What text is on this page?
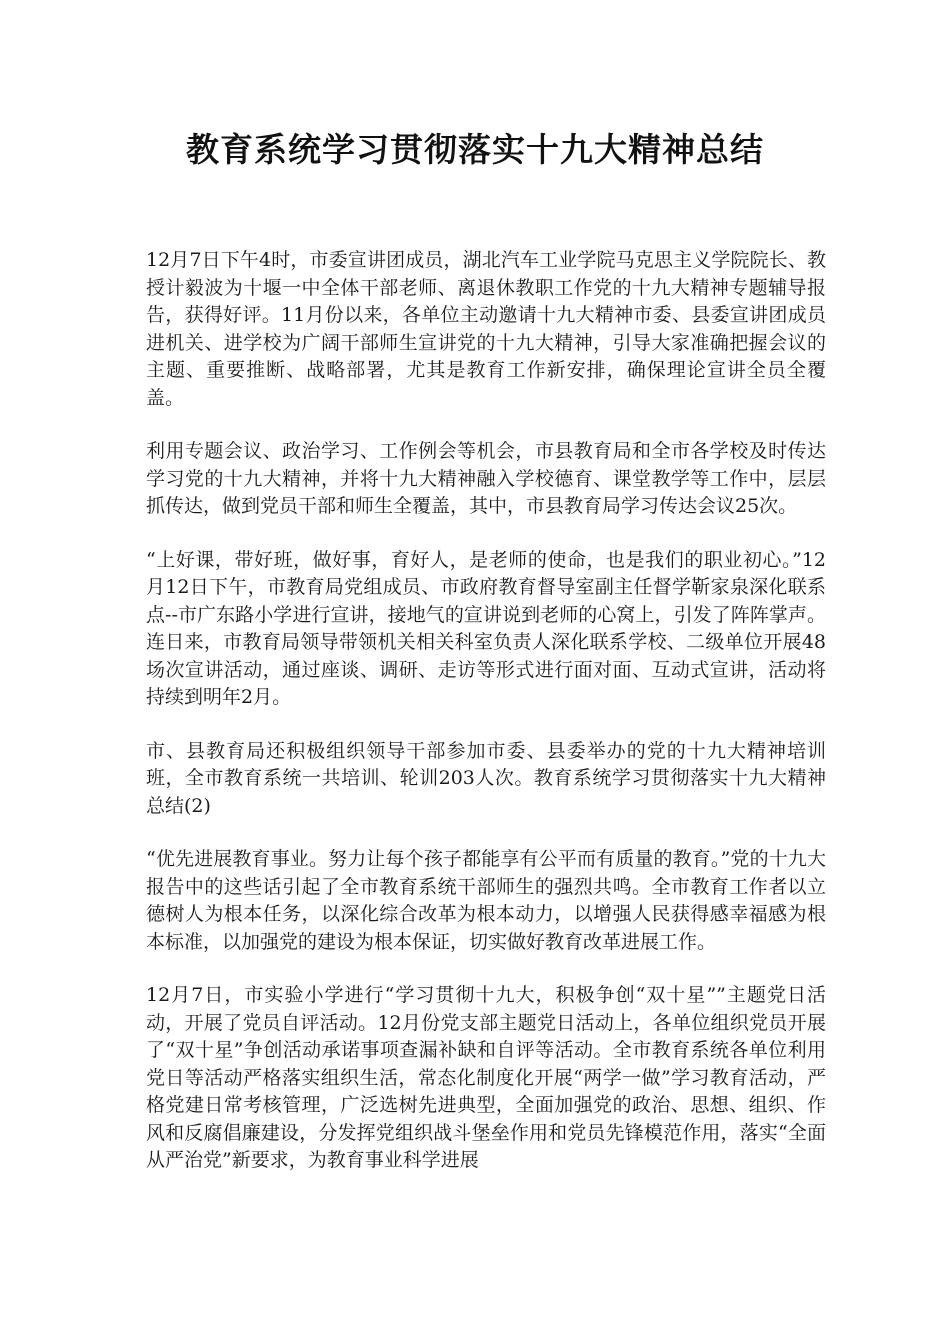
教育系统学习贯彻落实十九大精神总结

12月7日下午4时，市委宣讲团成员，湖北汽车工业学院马克思主义学院院长、教授计毅波为十堰一中全体干部老师、离退休教职工作党的十九大精神专题辅导报告，获得好评。11月份以来，各单位主动邀请十九大精神市委、县委宣讲团成员进机关、进学校为广阔干部师生宣讲党的十九大精神，引导大家准确把握会议的主题、重要推断、战略部署，尤其是教育工作新安排，确保理论宣讲全员全覆盖。

利用专题会议、政治学习、工作例会等机会，市县教育局和全市各学校及时传达学习党的十九大精神，并将十九大精神融入学校德育、课堂教学等工作中，层层抓传达，做到党员干部和师生全覆盖，其中，市县教育局学习传达会议25次。

“上好课，带好班，做好事，育好人，是老师的使命，也是我们的职业初心。”12月12日下午，市教育局党组成员、市政府教育督导室副主任督学靳家泉深化联系点--市广东路小学进行宣讲，接地气的宣讲说到老师的心窝上，引发了阵阵掌声。连日来，市教育局领导带领机关相关科室负责人深化联系学校、二级单位开展48场次宣讲活动，通过座谈、调研、走访等形式进行面对面、互动式宣讲，活动将持续到明年2月。

市、县教育局还积极组织领导干部参加市委、县委举办的党的十九大精神培训班，全市教育系统一共培训、轮训203人次。教育系统学习贯彻落实十九大精神总结(2)

“优先进展教育事业。努力让每个孩子都能享有公平而有质量的教育。”党的十九大报告中的这些话引起了全市教育系统干部师生的强烈共鸣。全市教育工作者以立德树人为根本任务，以深化综合改革为根本动力，以增强人民获得感幸福感为根本标准，以加强党的建设为根本保证，切实做好教育改革进展工作。

12月7日，市实验小学进行“学习贯彻十九大，积极争创“双十星””主题党日活动，开展了党员自评活动。12月份党支部主题党日活动上，各单位组织党员开展了“双十星”争创活动承诺事项查漏补缺和自评等活动。全市教育系统各单位利用党日等活动严格落实组织生活，常态化制度化开展“两学一做”学习教育活动，严格党建日常考核管理，广泛选树先进典型，全面加强党的政治、思想、组织、作风和反腐倡廉建设，分发挥党组织战斗堡垒作用和党员先锋模范作用，落实“全面从严治党”新要求，为教育事业科学进展
